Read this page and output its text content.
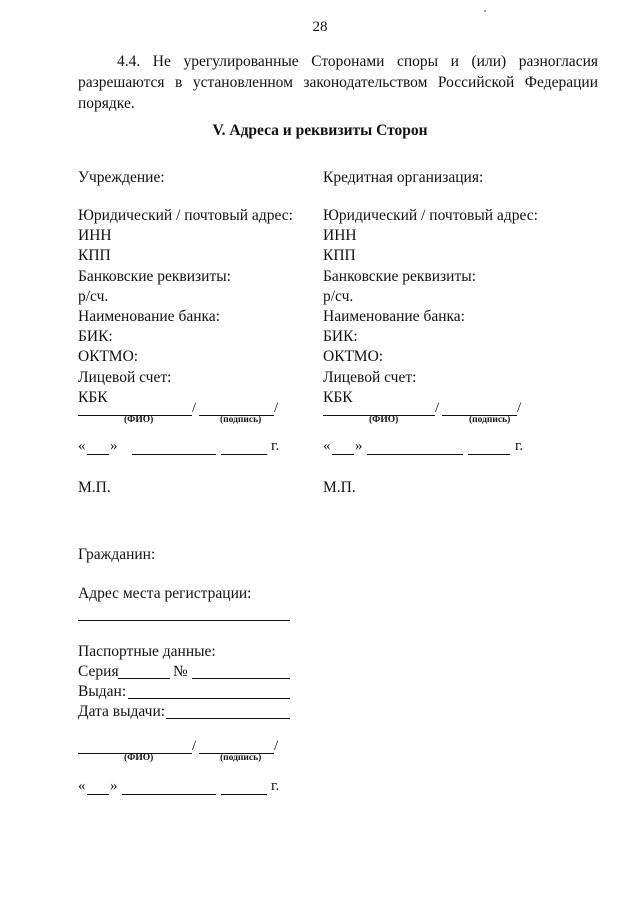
28
4.4. Не урегулированные Сторонами споры и (или) разногласия
разрешаются в установленном законодательством Российской Федерации
порядке.
V. Адреса и реквизиты Сторон
Учреждение:
Юридический / почтовый адрес:
ИНН
КПП
Банковские реквизиты:
р/сч.
Наименование банка:
БИК:
ОКТМО:
Лицевой счет:
КБК
/	/
(ФИО)	(подпись)
« »	г.
М.П.
Кредитная организация:
Юридический / почтовый адрес:
ИНН
КПП
Банковские реквизиты:
р/сч.
Наименование банка:
БИК:
ОКТМО:
Лицевой счет:
КБК
/	/
(ФИО)	(подпись)
« »	г.
М.П.
Гражданин:
Адрес места регистрации:
Паспортные данные:
Серия	№
Выдан:
Дата выдачи:
/	/
(ФИО)	(подпись)
« »	г.
